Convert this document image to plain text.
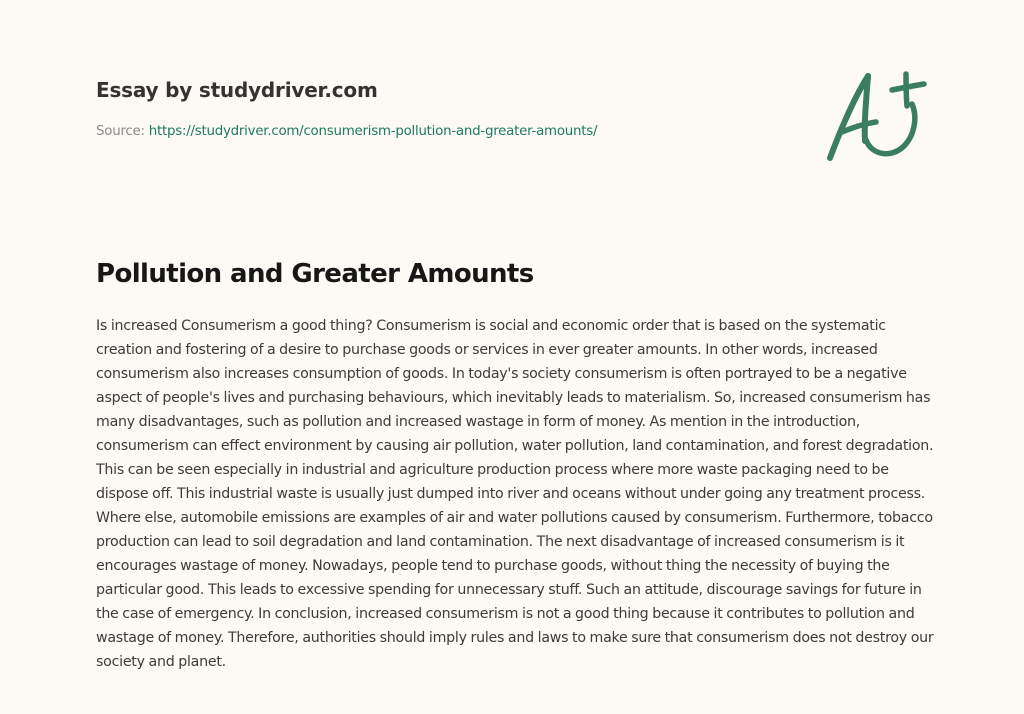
Essay by studydriver.com
Source: https://studydriver.com/consumerism-pollution-and-greater-amounts/
Pollution and Greater Amounts

Is increased Consumerism a good thing? Consumerism is social and economic order that is based on the systematic creation and fostering of a desire to purchase goods or services in ever greater amounts. In other words, increased consumerism also increases consumption of goods. In today's society consumerism is often portrayed to be a negative aspect of people's lives and purchasing behaviours, which inevitably leads to materialism. So, increased consumerism has many disadvantages, such as pollution and increased wastage in form of money. As mention in the introduction, consumerism can effect environment by causing air pollution, water pollution, land contamination, and forest degradation. This can be seen especially in industrial and agriculture production process where more waste packaging need to be dispose off. This industrial waste is usually just dumped into river and oceans without under going any treatment process. Where else, automobile emissions are examples of air and water pollutions caused by consumerism. Furthermore, tobacco production can lead to soil degradation and land contamination. The next disadvantage of increased consumerism is it encourages wastage of money. Nowadays, people tend to purchase goods, without thing the necessity of buying the particular good. This leads to excessive spending for unnecessary stuff. Such an attitude, discourage savings for future in the case of emergency. In conclusion, increased consumerism is not a good thing because it contributes to pollution and wastage of money. Therefore, authorities should imply rules and laws to make sure that consumerism does not destroy our society and planet.
